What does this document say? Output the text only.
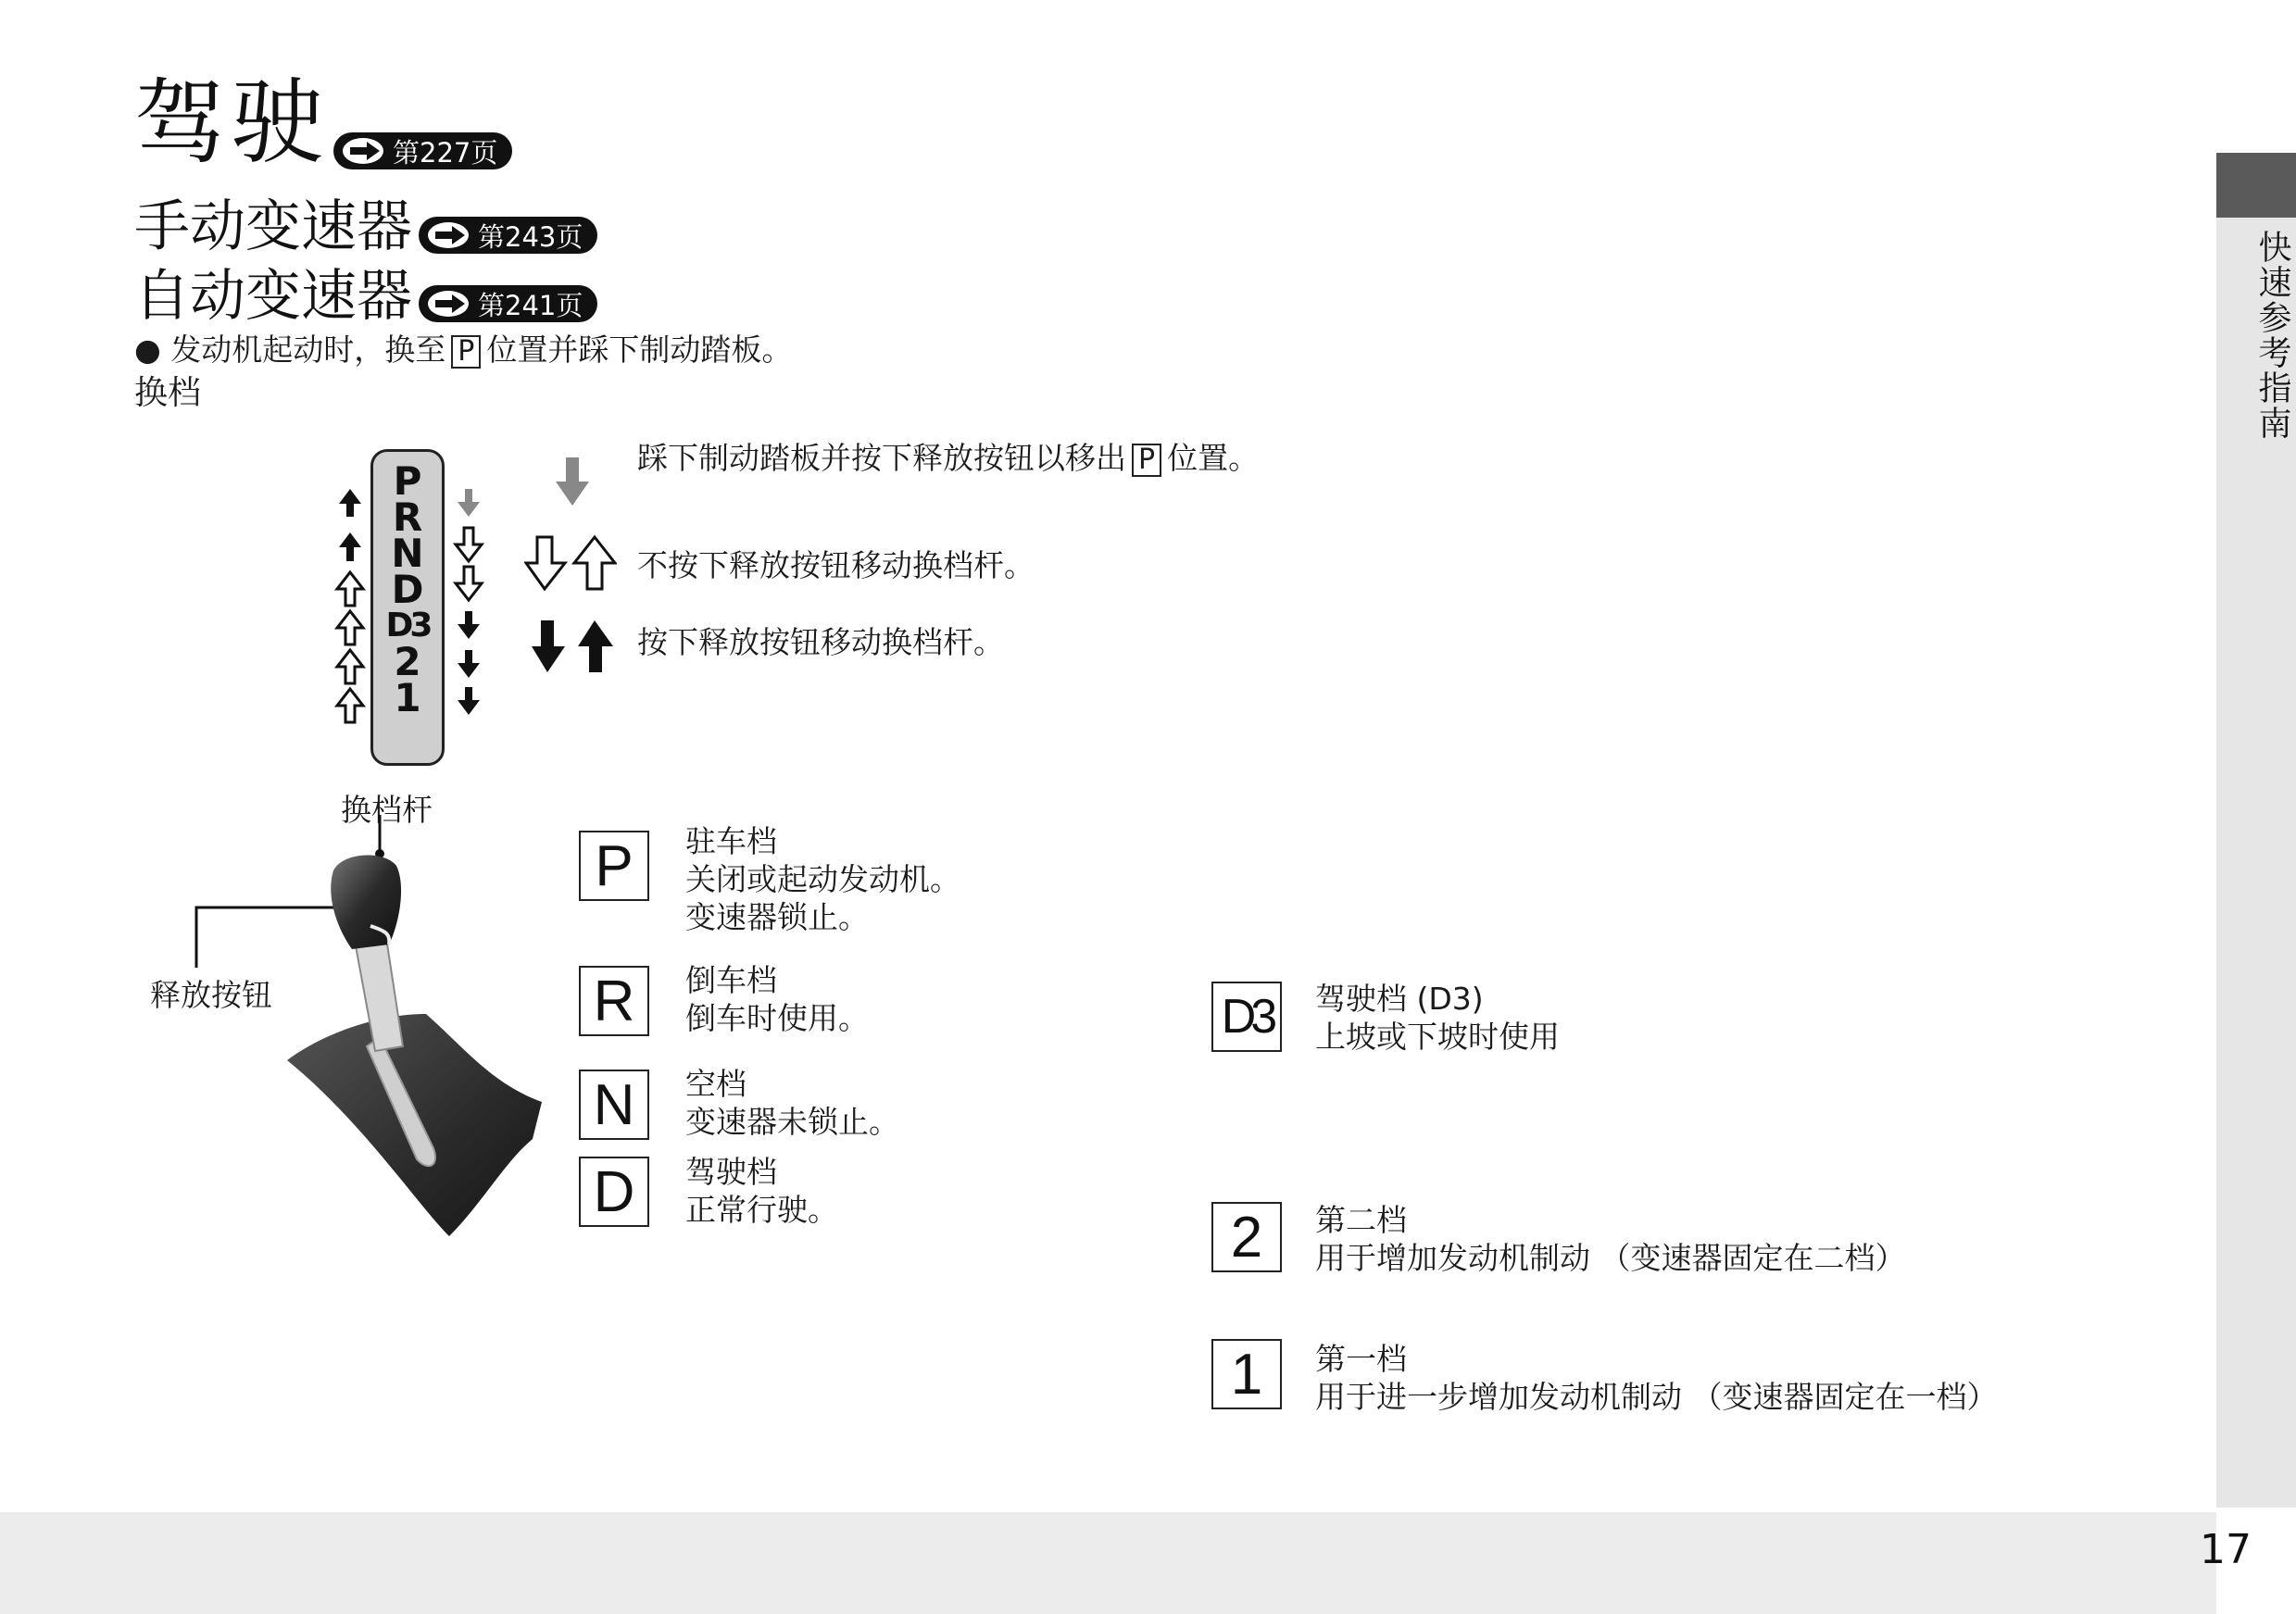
快速参考指南
17
驾驶 第227页
手动变速器 第243页
自动变速器 第241页
● 发动机起动时，换至 P 位置并踩下制动踏板。
换档
P
R
N
D
D3
2
1
踩下制动踏板并按下释放按钮以移出 P 位置。
不按下释放按钮移动换档杆。
按下释放按钮移动换档杆。
换档杆
释放按钮
P	驻车档
关闭或起动发动机。
变速器锁止。
R	倒车档
倒车时使用。
N	空档
变速器未锁止。
D	驾驶档
正常行驶。
D3	驾驶档 (D3)
上坡或下坡时使用
2	第二档
用于增加发动机制动 （变速器固定在二档）
1	第一档
用于进一步增加发动机制动 （变速器固定在一档）
